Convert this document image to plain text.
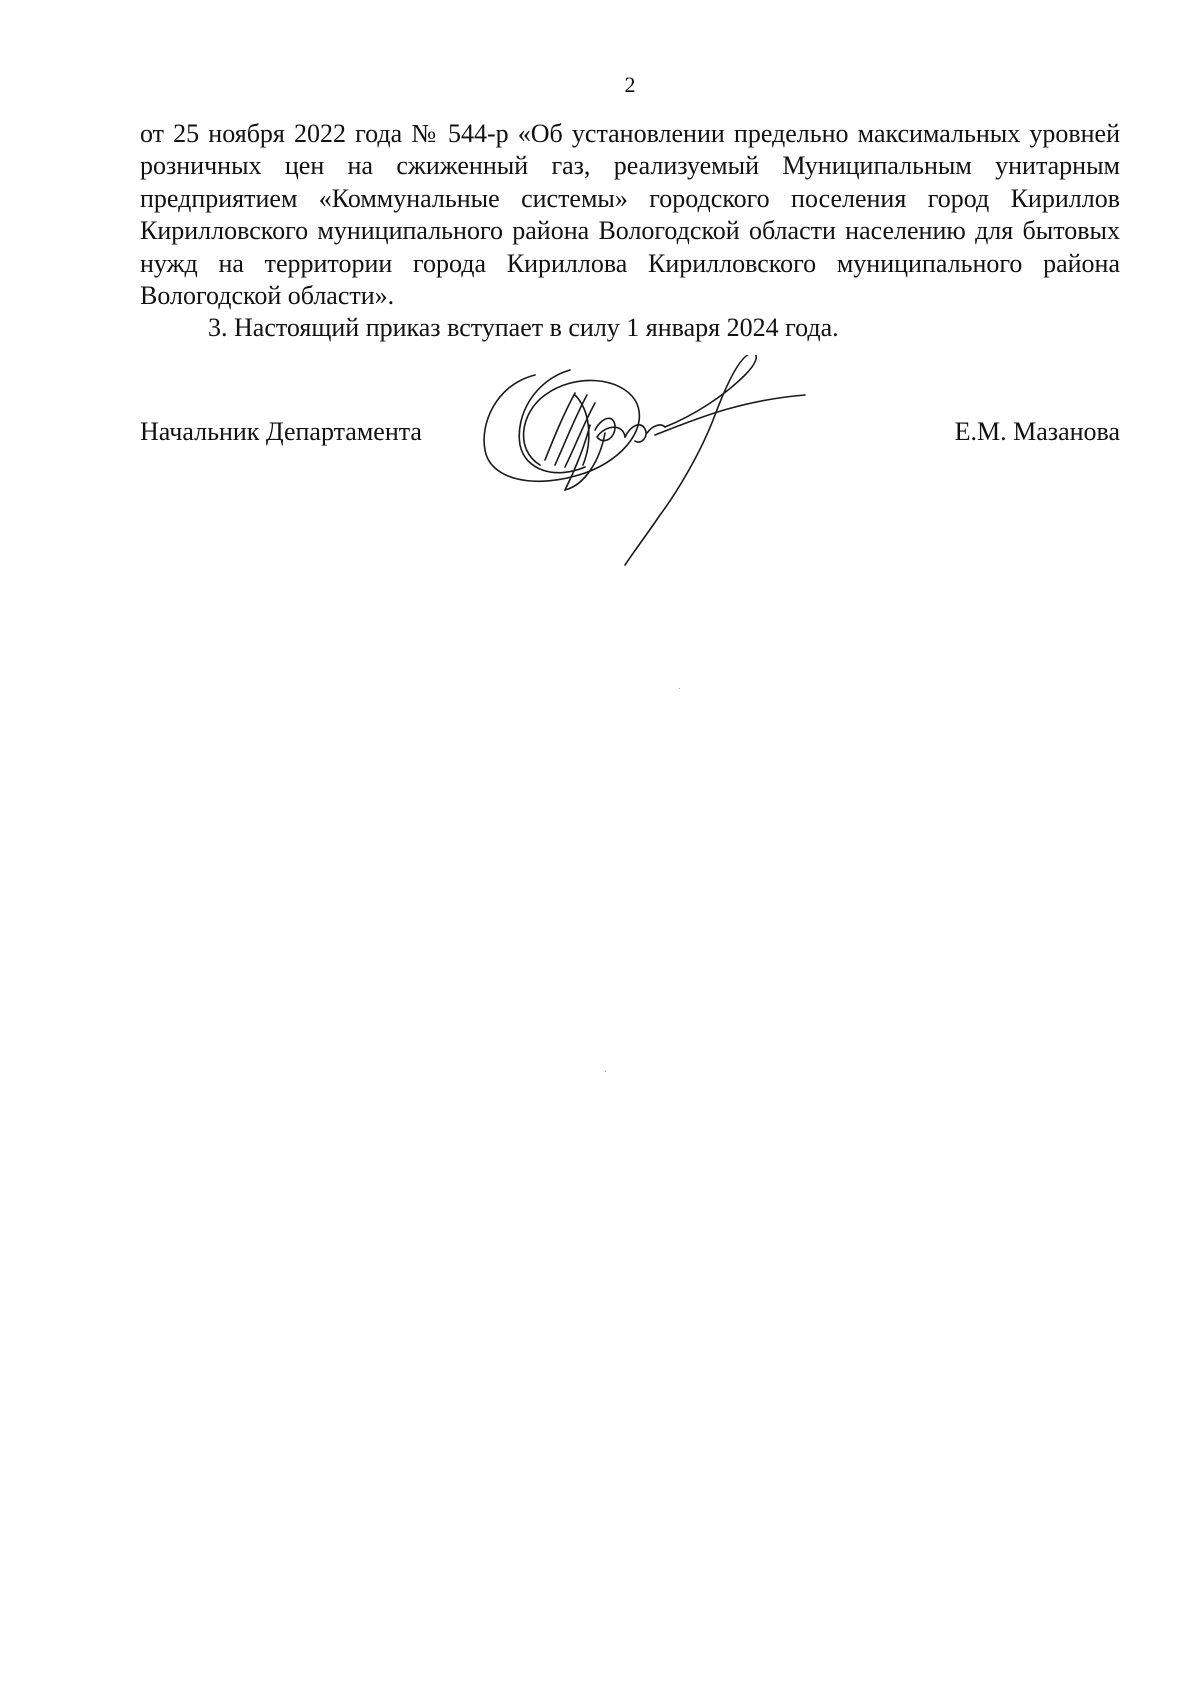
2

от 25 ноября 2022 года № 544-р «Об установлении предельно максимальных уровней розничных цен на сжиженный газ, реализуемый Муниципальным унитарным предприятием «Коммунальные системы» городского поселения город Кириллов Кирилловского муниципального района Вологодской области населению для бытовых нужд на территории города Кириллова Кирилловского муниципального района Вологодской области».

3. Настоящий приказ вступает в силу 1 января 2024 года.

Начальник Департамента	Е.М. Мазанова
